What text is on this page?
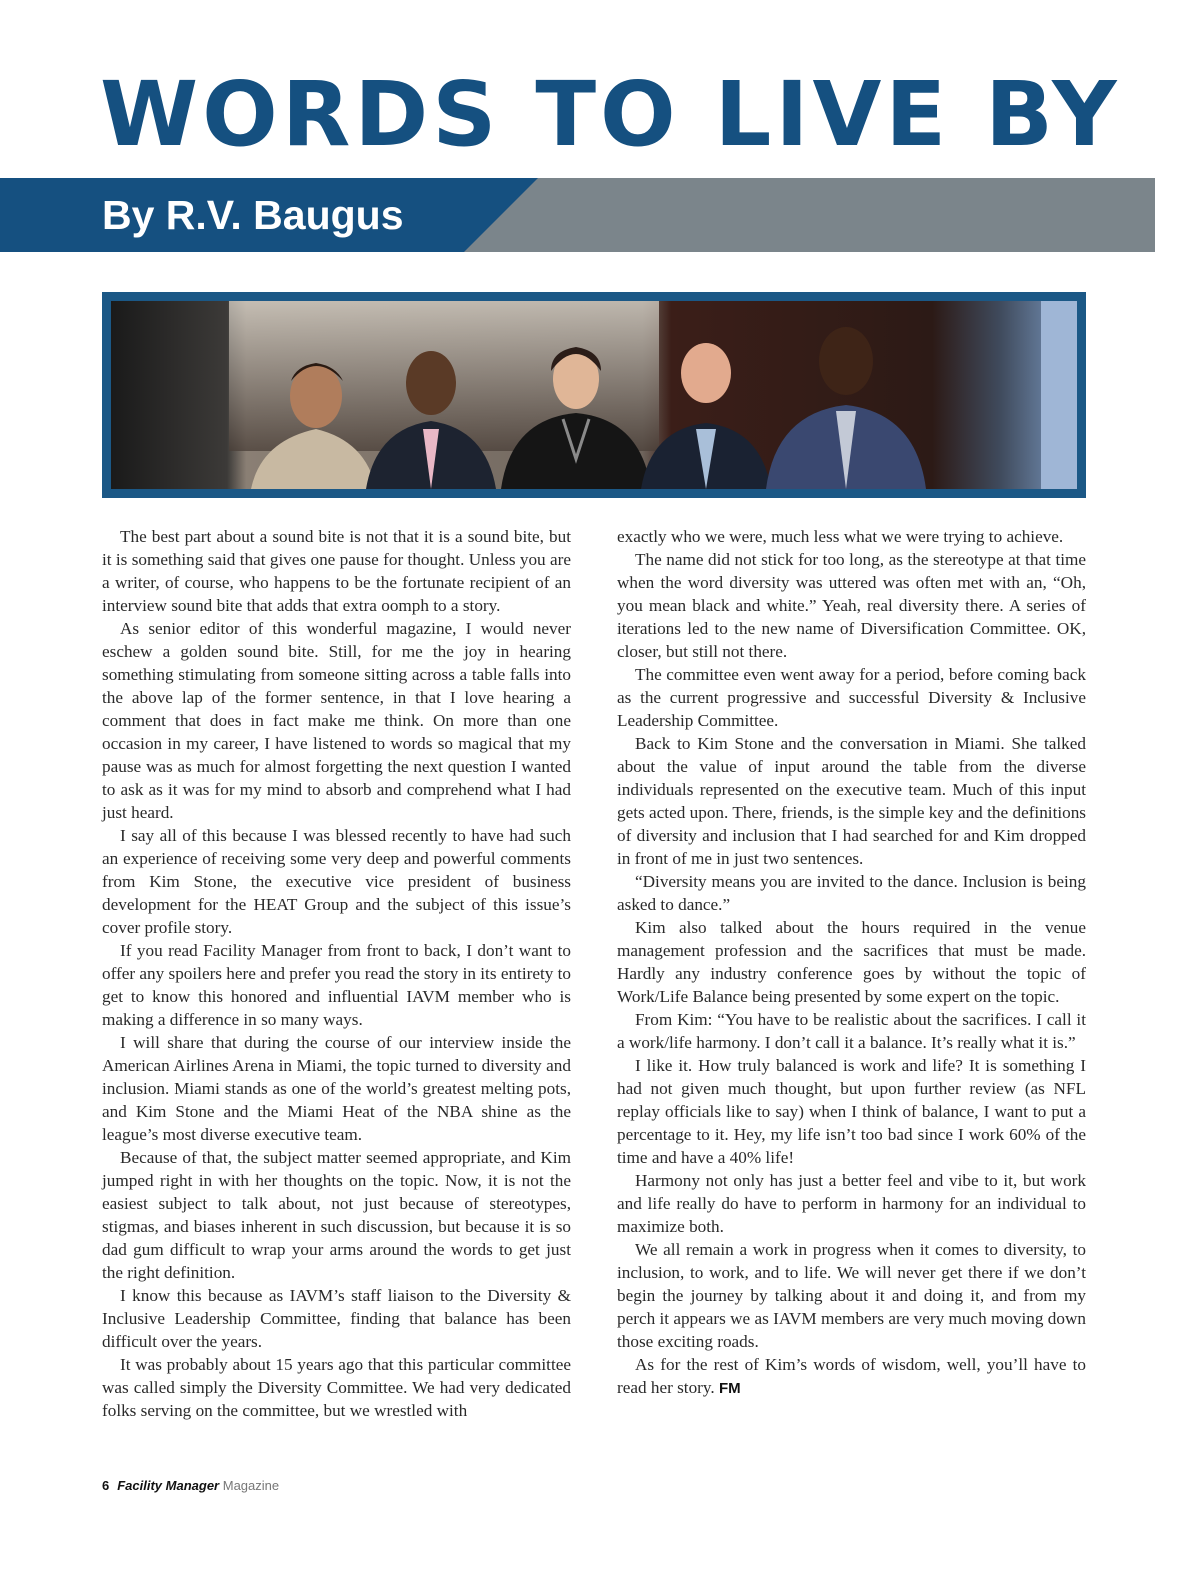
WORDS TO LIVE BY
By R.V. Baugus

The best part about a sound bite is not that it is a sound bite, but it is something said that gives one pause for thought. Unless you are a writer, of course, who happens to be the fortunate recipient of an interview sound bite that adds that extra oomph to a story.

As senior editor of this wonderful magazine, I would never eschew a golden sound bite. Still, for me the joy in hearing something stimulating from someone sitting across a table falls into the above lap of the former sentence, in that I love hearing a comment that does in fact make me think. On more than one occasion in my career, I have listened to words so magical that my pause was as much for almost forgetting the next question I wanted to ask as it was for my mind to absorb and comprehend what I had just heard.

I say all of this because I was blessed recently to have had such an experience of receiving some very deep and powerful comments from Kim Stone, the executive vice president of business development for the HEAT Group and the subject of this issue’s cover profile story.

If you read Facility Manager from front to back, I don’t want to offer any spoilers here and prefer you read the story in its entirety to get to know this honored and influential IAVM member who is making a difference in so many ways.

I will share that during the course of our interview inside the American Airlines Arena in Miami, the topic turned to diversity and inclusion. Miami stands as one of the world’s greatest melting pots, and Kim Stone and the Miami Heat of the NBA shine as the league’s most diverse executive team.

Because of that, the subject matter seemed appropriate, and Kim jumped right in with her thoughts on the topic. Now, it is not the easiest subject to talk about, not just because of stereotypes, stigmas, and biases inherent in such discussion, but because it is so dad gum difficult to wrap your arms around the words to get just the right definition.

I know this because as IAVM’s staff liaison to the Diversity & Inclusive Leadership Committee, finding that balance has been difficult over the years.

It was probably about 15 years ago that this particular committee was called simply the Diversity Committee. We had very dedicated folks serving on the committee, but we wrestled with

exactly who we were, much less what we were trying to achieve.

The name did not stick for too long, as the stereotype at that time when the word diversity was uttered was often met with an, “Oh, you mean black and white.” Yeah, real diversity there. A series of iterations led to the new name of Diversification Committee. OK, closer, but still not there.

The committee even went away for a period, before coming back as the current progressive and successful Diversity & Inclusive Leadership Committee.

Back to Kim Stone and the conversation in Miami. She talked about the value of input around the table from the diverse individuals represented on the executive team. Much of this input gets acted upon. There, friends, is the simple key and the definitions of diversity and inclusion that I had searched for and Kim dropped in front of me in just two sentences.

“Diversity means you are invited to the dance. Inclusion is being asked to dance.”

Kim also talked about the hours required in the venue management profession and the sacrifices that must be made. Hardly any industry conference goes by without the topic of Work/Life Balance being presented by some expert on the topic.

From Kim: “You have to be realistic about the sacrifices. I call it a work/life harmony. I don’t call it a balance. It’s really what it is.”

I like it. How truly balanced is work and life? It is something I had not given much thought, but upon further review (as NFL replay officials like to say) when I think of balance, I want to put a percentage to it. Hey, my life isn’t too bad since I work 60% of the time and have a 40% life!

Harmony not only has just a better feel and vibe to it, but work and life really do have to perform in harmony for an individual to maximize both.

We all remain a work in progress when it comes to diversity, to inclusion, to work, and to life. We will never get there if we don’t begin the journey by talking about it and doing it, and from my perch it appears we as IAVM members are very much moving down those exciting roads.

As for the rest of Kim’s words of wisdom, well, you’ll have to read her story. FM

6 Facility Manager Magazine
